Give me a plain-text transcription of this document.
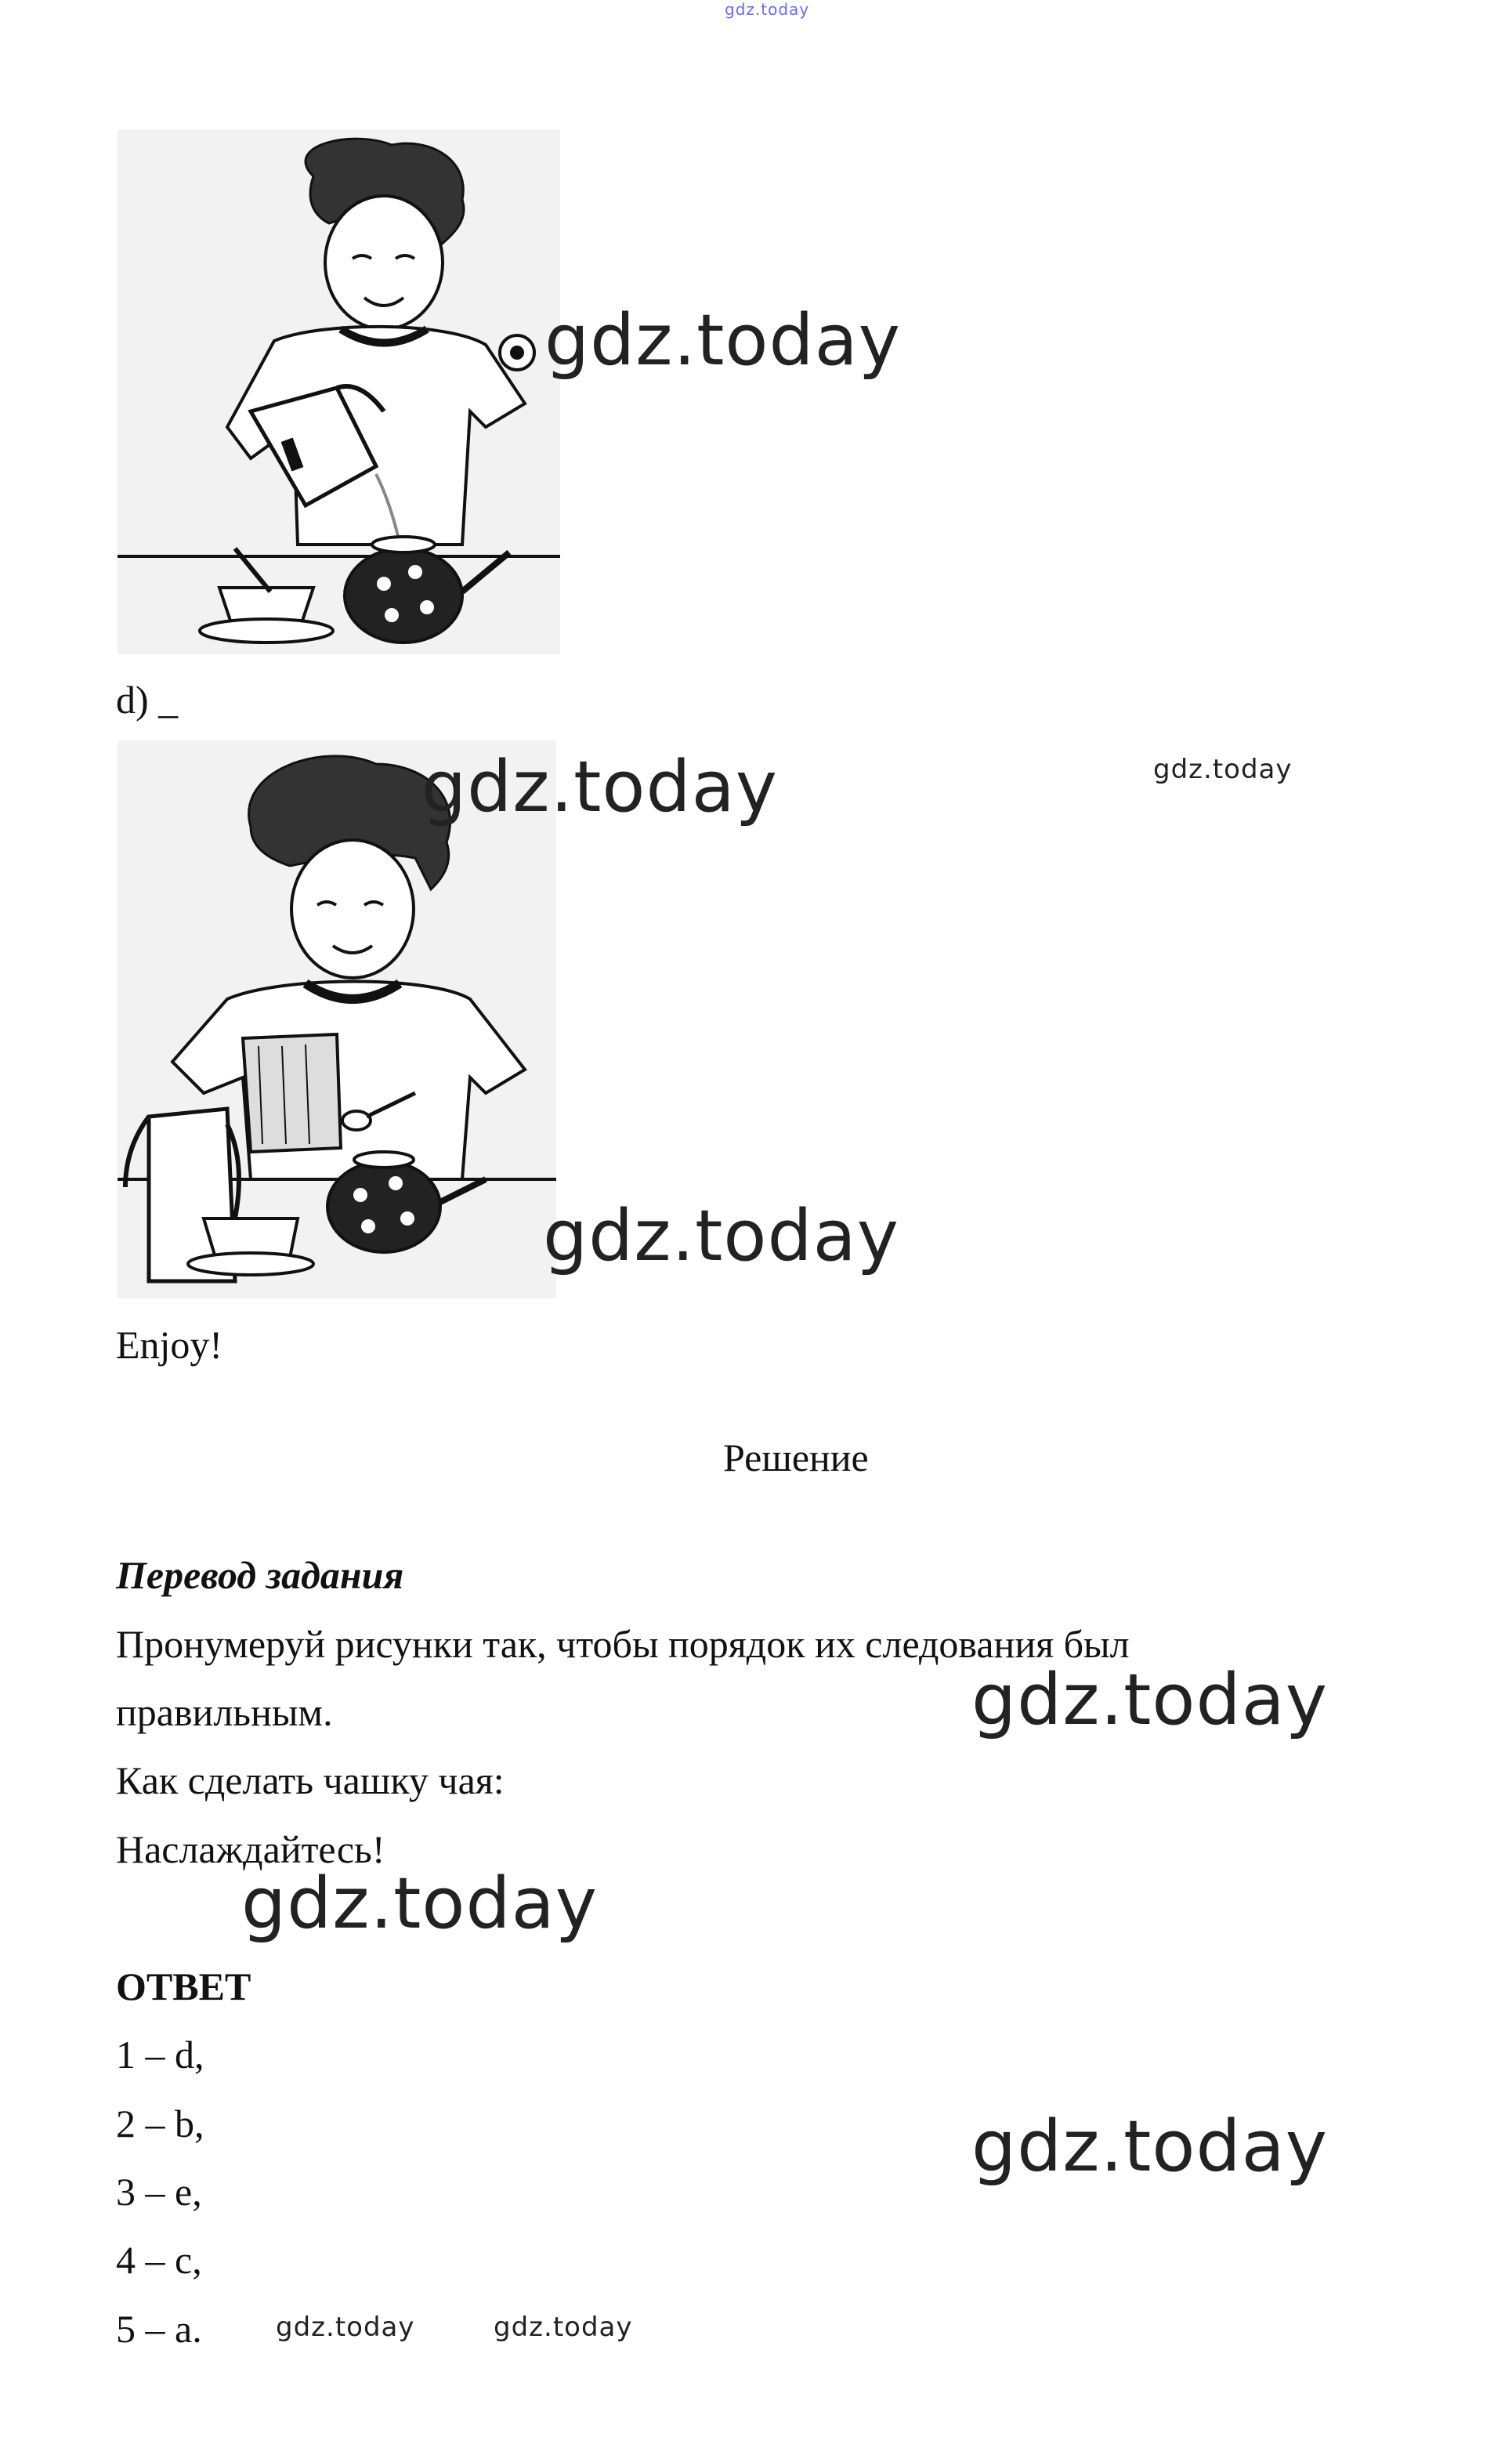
gdz.today
gdz.today
d) _
gdz.today
gdz.today
gdz.today
Enjoy!
Решение
Перевод задания
Пронумеруй рисунки так, чтобы порядок их следования был
правильным.	gdz.today
Как сделать чашку чая:
Наслаждайтесь!
gdz.today
ОТВЕТ
1 – d,
2 – b,	gdz.today
3 – e,
4 – c,
5 – a.	gdz.today	gdz.today
